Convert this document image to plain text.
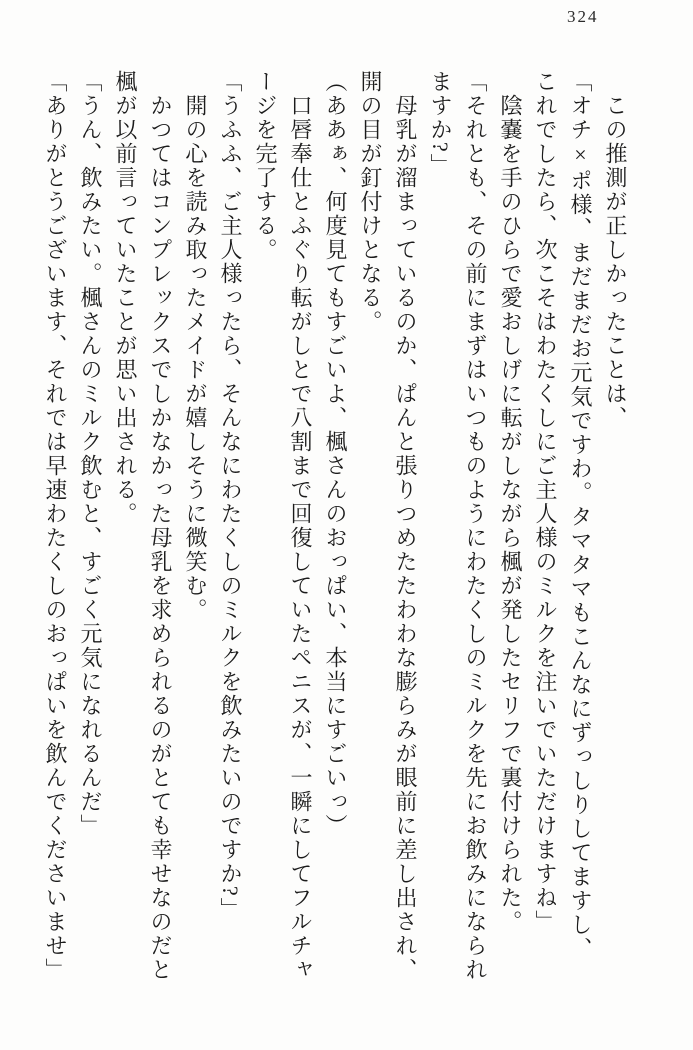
324

この推測が正しかったことは、

「オチ×ポ様、まだまだお元気ですわ。タマタマもこんなにずっしりしてますし、これでしたら、次こそはわたくしにご主人様のミルクを注いでいただけますね」

陰嚢を手のひらで愛おしげに転がしながら楓が発したセリフで裏付けられた。

「それとも、その前にまずはいつものようにわたくしのミルクを先にお飲みになられますか?」

母乳が溜まっているのか、ぱんと張りつめたたわわな膨らみが眼前に差し出され、開の目が釘付けとなる。

（ああぁ、何度見てもすごいよ、楓さんのおっぱい、本当にすごいっ）

口唇奉仕とふぐり転がしとで八割まで回復していたペニスが、一瞬にしてフルチャージを完了する。

「うふふ、ご主人様ったら、そんなにわたくしのミルクを飲みたいのですか?」

開の心を読み取ったメイドが嬉しそうに微笑む。

かつてはコンプレックスでしかなかった母乳を求められるのがとても幸せなのだと楓が以前言っていたことが思い出される。

「うん、飲みたい。楓さんのミルク飲むと、すごく元気になれるんだ」

「ありがとうございます、それでは早速わたくしのおっぱいを飲んでくださいませ」
